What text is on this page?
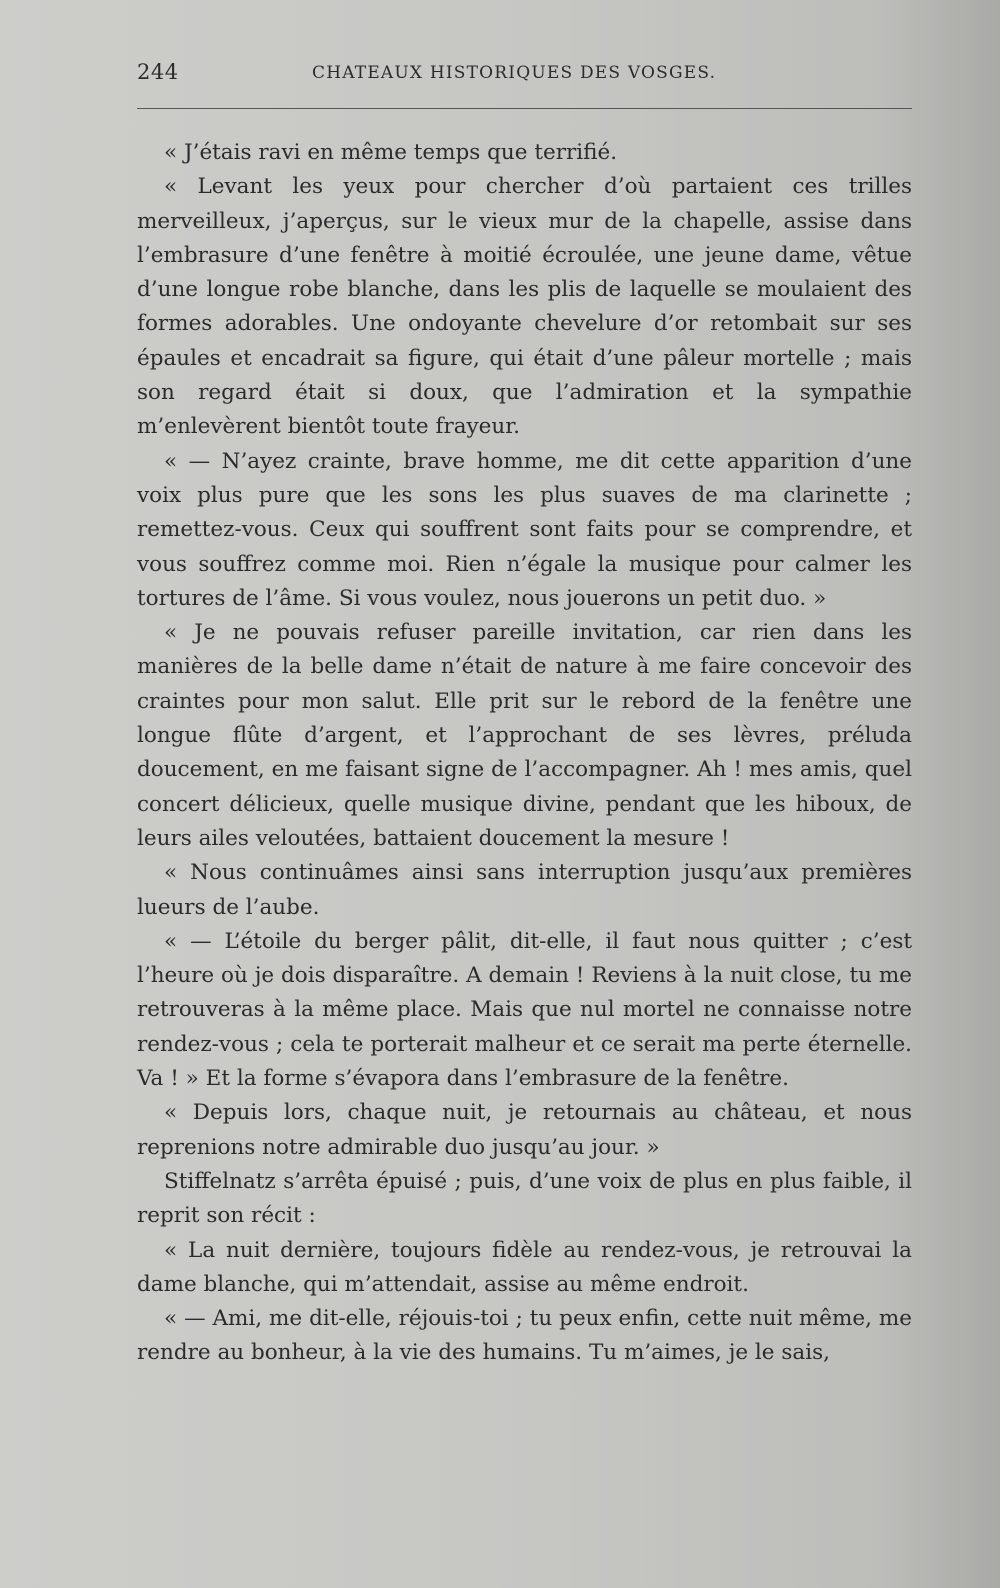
244	CHATEAUX HISTORIQUES DES VOSGES.

« J’étais ravi en même temps que terrifié.

« Levant les yeux pour chercher d’où partaient ces trilles merveilleux, j’aperçus, sur le vieux mur de la chapelle, assise dans l’embrasure d’une fenêtre à moitié écroulée, une jeune dame, vêtue d’une longue robe blanche, dans les plis de laquelle se moulaient des formes adorables. Une ondoyante chevelure d’or retombait sur ses épaules et encadrait sa figure, qui était d’une pâleur mortelle ; mais son regard était si doux, que l’admiration et la sympathie m’enlevèrent bientôt toute frayeur.

« — N’ayez crainte, brave homme, me dit cette apparition d’une voix plus pure que les sons les plus suaves de ma clarinette ; remettez-vous. Ceux qui souffrent sont faits pour se comprendre, et vous souffrez comme moi. Rien n’égale la musique pour calmer les tortures de l’âme. Si vous voulez, nous jouerons un petit duo. »

« Je ne pouvais refuser pareille invitation, car rien dans les manières de la belle dame n’était de nature à me faire concevoir des craintes pour mon salut. Elle prit sur le rebord de la fenêtre une longue flûte d’argent, et l’approchant de ses lèvres, préluda doucement, en me faisant signe de l’accompagner. Ah ! mes amis, quel concert délicieux, quelle musique divine, pendant que les hiboux, de leurs ailes veloutées, battaient doucement la mesure !

« Nous continuâmes ainsi sans interruption jusqu’aux premières lueurs de l’aube.

« — L’étoile du berger pâlit, dit-elle, il faut nous quitter ; c’est l’heure où je dois disparaître. A demain ! Reviens à la nuit close, tu me retrouveras à la même place. Mais que nul mortel ne connaisse notre rendez-vous ; cela te porterait malheur et ce serait ma perte éternelle. Va ! » Et la forme s’évapora dans l’embrasure de la fenêtre.

« Depuis lors, chaque nuit, je retournais au château, et nous reprenions notre admirable duo jusqu’au jour. »

Stiffelnatz s’arrêta épuisé ; puis, d’une voix de plus en plus faible, il reprit son récit :

« La nuit dernière, toujours fidèle au rendez-vous, je retrouvai la dame blanche, qui m’attendait, assise au même endroit.

« — Ami, me dit-elle, réjouis-toi ; tu peux enfin, cette nuit même, me rendre au bonheur, à la vie des humains. Tu m’aimes, je le sais,
